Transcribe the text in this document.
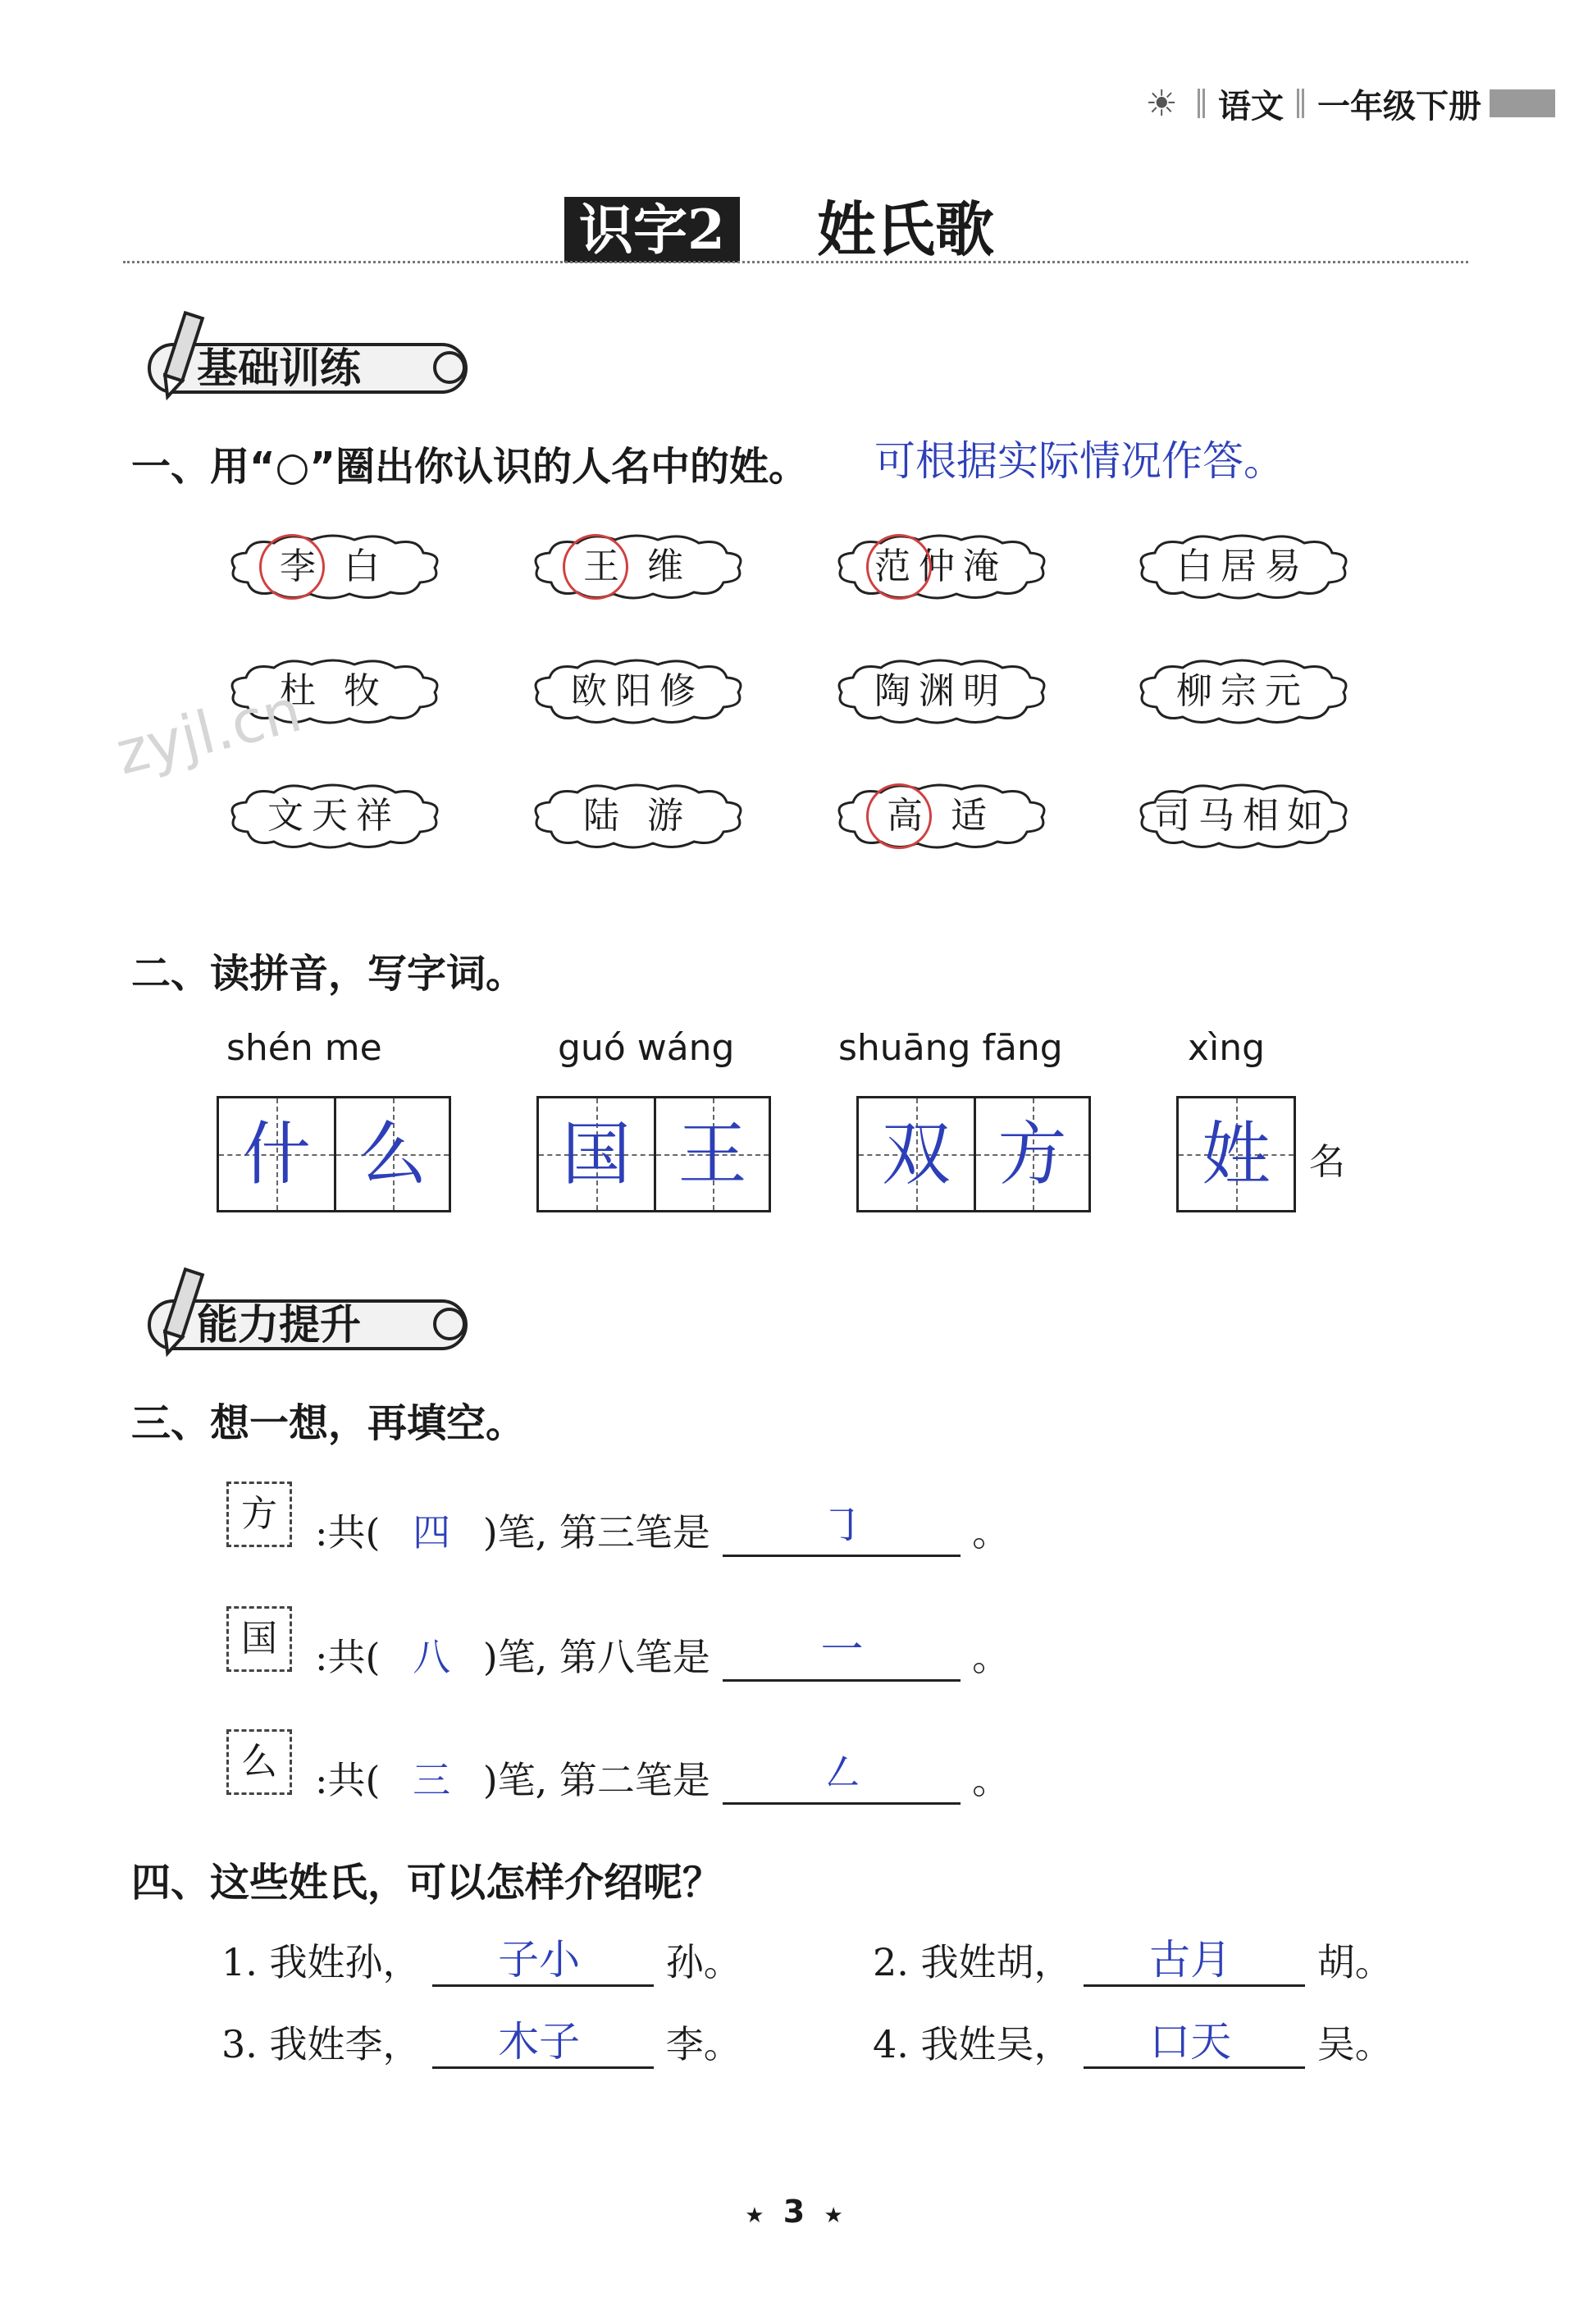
☀ 语文 一年级下册
识字2 姓氏歌
基础训练
一、用“○”圈出你认识的人名中的姓。 可根据实际情况作答。
李 白	王 维	范仲淹	白居易
杜 牧	欧阳修	陶渊明	柳宗元
文天祥	陆 游	高 适	司马相如
zyjl.cn
二、读拼音，写字词。
shén me
什 么
guó wáng
国 王
shuāng fāng
双 方
xìng
姓	名
能力提升
三、想一想，再填空。
方	:共( 四 )笔, 第三笔是	㇆	。
国	:共( 八 )笔, 第八笔是	一	。
么	:共( 三 )笔, 第二笔是	㇜	。
四、这些姓氏，可以怎样介绍呢？
1. 我姓孙， 子小 孙。	2. 我姓胡， 古月 胡。
3. 我姓李， 木子 李。	4. 我姓吴， 口天 吴。
★ 3 ★
